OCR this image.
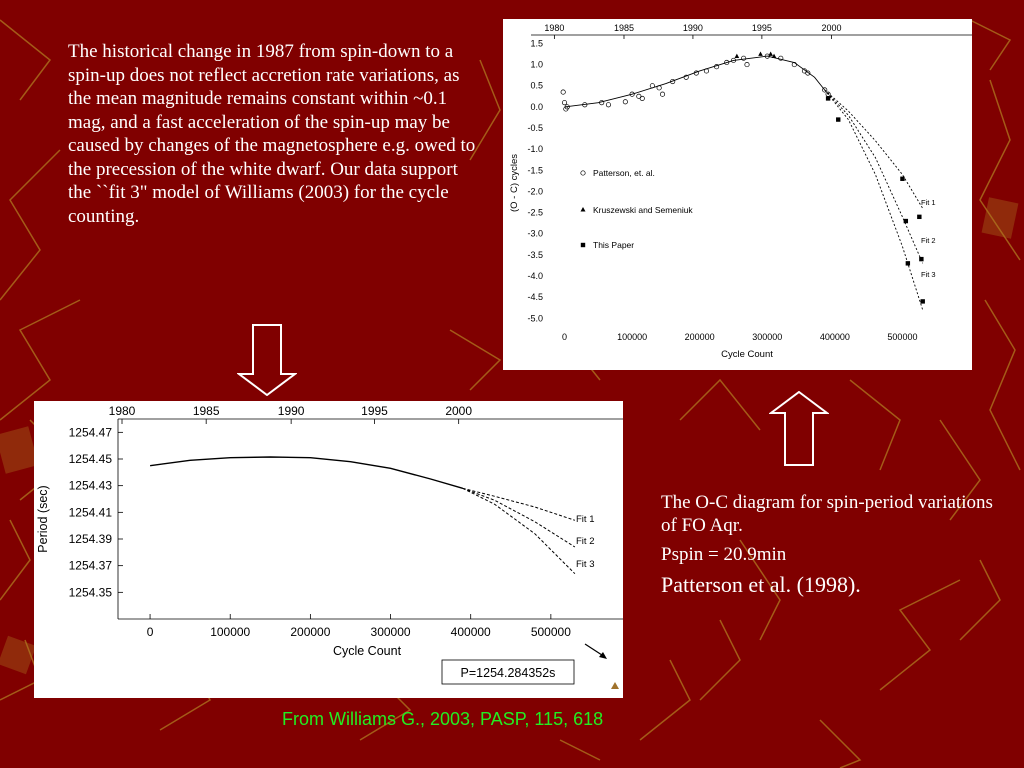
The historical change in 1987 from spin-down to a spin-up does not reflect accretion rate variations, as the mean magnitude remains constant within ~0.1 mag, and a fast acceleration of the spin-up may be caused by changes of the magnetosphere e.g. owed to the precession of the white dwarf. Our data support the ``fit 3" model of Williams (2003) for the cycle counting.

1980	1985	1990	1995	2000
1.5
1.0
0.5
0.0
-0.5
-1.0
-1.5
-2.0
-2.5
-3.0
-3.5
-4.0
-4.5
-5.0
0	100000	200000	300000	400000	500000
Cycle Count
(O - C) cycles	Fit 1
Fit 2
Fit 3
Patterson, et. al.
Kruszewski and Semeniuk
This Paper
1980	1985	1990	1995	2000
1254.47
1254.45
1254.43
1254.41
1254.39
1254.37
1254.35
0	100000	200000	300000	400000	500000
Cycle Count
Period (sec)	Fit 1
Fit 2
Fit 3
P=1254.284352s

The O-C diagram for spin-period variations of FO Aqr.

Pspin = 20.9min

Patterson et al. (1998).

From Williams G., 2003, PASP, 115, 618
